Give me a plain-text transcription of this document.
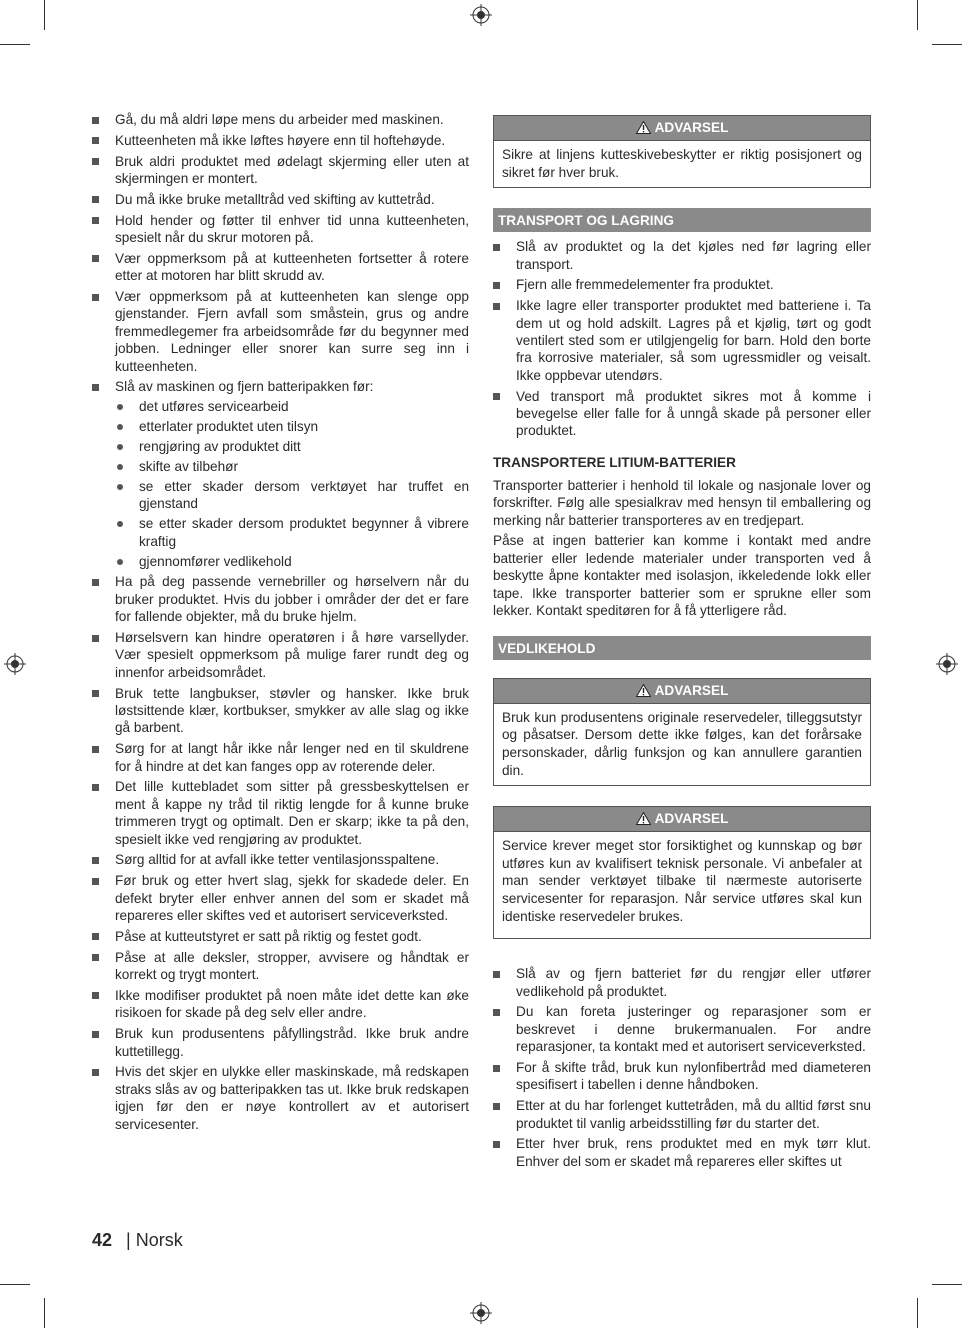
Gå, du må aldri løpe mens du arbeider med maskinen.
Kutteenheten må ikke løftes høyere enn til hoftehøyde.
Bruk aldri produktet med ødelagt skjerming eller uten at skjermingen er montert.
Du må ikke bruke metalltråd ved skifting av kuttetråd.
Hold hender og føtter til enhver tid unna kutteenheten, spesielt når du skrur motoren på.
Vær oppmerksom på at kutteenheten fortsetter å rotere etter at motoren har blitt skrudd av.
Vær oppmerksom på at kutteenheten kan slenge opp gjenstander. Fjern avfall som småstein, grus og andre fremmedlegemer fra arbeidsområde før du begynner med jobben. Ledninger eller snorer kan surre seg inn i kutteenheten.
Slå av maskinen og fjern batteripakken før:
det utføres servicearbeid
etterlater produktet uten tilsyn
rengjøring av produktet ditt
skifte av tilbehør
se etter skader dersom verktøyet har truffet en gjenstand
se etter skader dersom produktet begynner å vibrere kraftig
gjennomfører vedlikehold
Ha på deg passende vernebriller og hørselvern når du bruker produktet. Hvis du jobber i områder der det er fare for fallende objekter, må du bruke hjelm.
Hørselsvern kan hindre operatøren i å høre varsellyder. Vær spesielt oppmerksom på mulige farer rundt deg og innenfor arbeidsområdet.
Bruk tette langbukser, støvler og hansker. Ikke bruk løstsittende klær, kortbukser, smykker av alle slag og ikke gå barbent.
Sørg for at langt hår ikke når lenger ned en til skuldrene for å hindre at det kan fanges opp av roterende deler.
Det lille kuttebladet som sitter på gressbeskyttelsen er ment å kappe ny tråd til riktig lengde for å kunne bruke trimmeren trygt og optimalt. Den er skarp; ikke ta på den, spesielt ikke ved rengjøring av produktet.
Sørg alltid for at avfall ikke tetter ventilasjonsspaltene.
Før bruk og etter hvert slag, sjekk for skadede deler. En defekt bryter eller enhver annen del som er skadet må repareres eller skiftes ved et autorisert serviceverksted.
Påse at kutteutstyret er satt på riktig og festet godt.
Påse at alle deksler, stropper, avvisere og håndtak er korrekt og trygt montert.
Ikke modifiser produktet på noen måte idet dette kan øke risikoen for skade på deg selv eller andre.
Bruk kun produsentens påfyllingstråd. Ikke bruk andre kuttetillegg.
Hvis det skjer en ulykke eller maskinskade, må redskapen straks slås av og batteripakken tas ut. Ikke bruk redskapen igjen før den er nøye kontrollert av et autorisert servicesenter.
ADVARSEL
Sikre at linjens kutteskivebeskytter er riktig posisjonert og sikret før hver bruk.
TRANSPORT OG LAGRING
Slå av produktet og la det kjøles ned før lagring eller transport.
Fjern alle fremmedelementer fra produktet.
Ikke lagre eller transporter produktet med batteriene i. Ta dem ut og hold adskilt. Lagres på et kjølig, tørt og godt ventilert sted som er utilgjengelig for barn. Hold den borte fra korrosive materialer, så som ugressmidler og veisalt. Ikke oppbevar utendørs.
Ved transport må produktet sikres mot å komme i bevegelse eller falle for å unngå skade på personer eller produktet.
TRANSPORTERE LITIUM-BATTERIER

Transporter batterier i henhold til lokale og nasjonale lover og forskrifter. Følg alle spesialkrav med hensyn til emballering og merking når batterier transporteres av en tredjepart.

Påse at ingen batterier kan komme i kontakt med andre batterier eller ledende materialer under transporten ved å beskytte åpne kontakter med isolasjon, ikkeledende lokk eller tape. Ikke transporter batterier som er sprukne eller som lekker. Kontakt speditøren for å få ytterligere råd.

VEDLIKEHOLD
ADVARSEL
Bruk kun produsentens originale reservedeler, tilleggsutstyr og påsatser. Dersom dette ikke følges, kan det forårsake personskader, dårlig funksjon og kan annullere garantien din.
ADVARSEL
Service krever meget stor forsiktighet og kunnskap og bør utføres kun av kvalifisert teknisk personale. Vi anbefaler at man sender verktøyet tilbake til nærmeste autoriserte servicesenter for reparasjon. Når service utføres skal kun identiske reservedeler brukes.
Slå av og fjern batteriet før du rengjør eller utfører vedlikehold på produktet.
Du kan foreta justeringer og reparasjoner som er beskrevet i denne brukermanualen. For andre reparasjoner, ta kontakt med et autorisert serviceverksted.
For å skifte tråd, bruk kun nylonfibertråd med diameteren spesifisert i tabellen i denne håndboken.
Etter at du har forlenget kuttetråden, må du alltid først snu produktet til vanlig arbeidsstilling før du starter det.
Etter hver bruk, rens produktet med en myk tørr klut. Enhver del som er skadet må repareres eller skiftes ut
42 | Norsk
